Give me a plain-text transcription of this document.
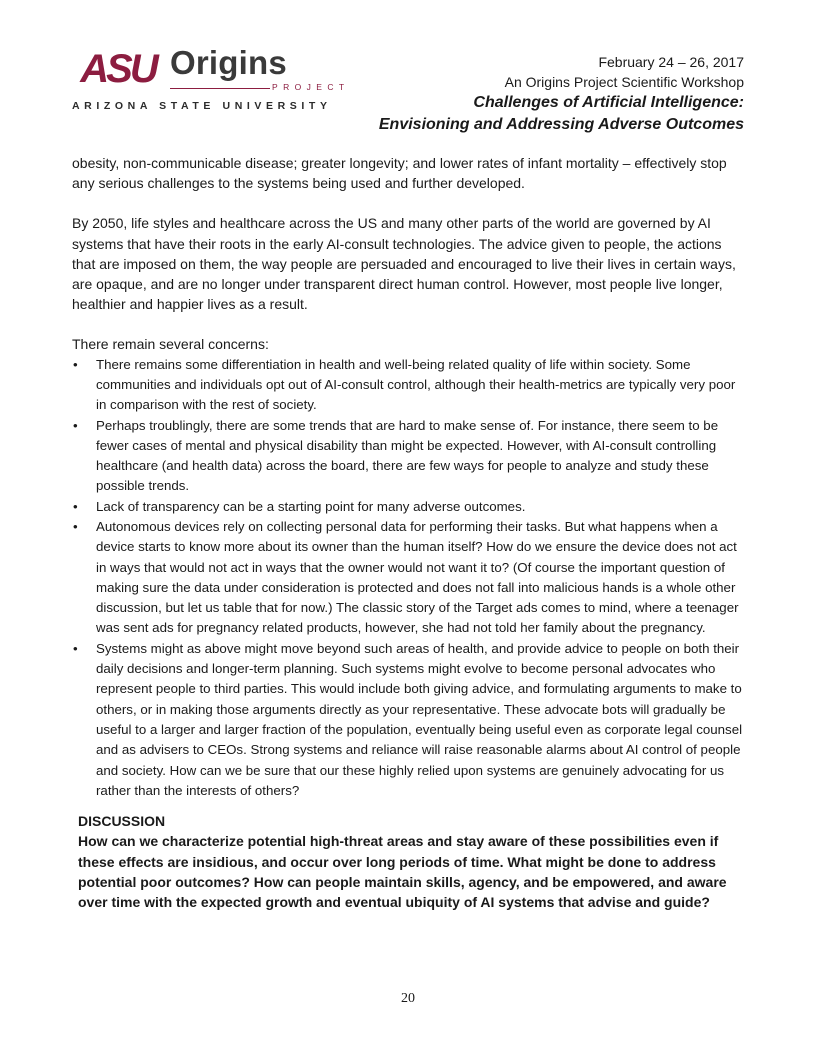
ASU Origins
PROJECT
ARIZONA STATE UNIVERSITY
February 24 – 26, 2017
An Origins Project Scientific Workshop
Challenges of Artificial Intelligence:
Envisioning and Addressing Adverse Outcomes

obesity, non-communicable disease; greater longevity; and lower rates of infant mortality – effectively stop any serious challenges to the systems being used and further developed.

By 2050, life styles and healthcare across the US and many other parts of the world are governed by AI systems that have their roots in the early AI-consult technologies. The advice given to people, the actions that are imposed on them, the way people are persuaded and encouraged to live their lives in certain ways, are opaque, and are no longer under transparent direct human control. However, most people live longer, healthier and happier lives as a result.

There remain several concerns:

• There remains some differentiation in health and well-being related quality of life within society. Some communities and individuals opt out of AI-consult control, although their health-metrics are typically very poor in comparison with the rest of society.
• Perhaps troublingly, there are some trends that are hard to make sense of. For instance, there seem to be fewer cases of mental and physical disability than might be expected. However, with AI-consult controlling healthcare (and health data) across the board, there are few ways for people to analyze and study these possible trends.
• Lack of transparency can be a starting point for many adverse outcomes.
• Autonomous devices rely on collecting personal data for performing their tasks. But what happens when a device starts to know more about its owner than the human itself? How do we ensure the device does not act in ways that would not act in ways that the owner would not want it to? (Of course the important question of making sure the data under consideration is protected and does not fall into malicious hands is a whole other discussion, but let us table that for now.) The classic story of the Target ads comes to mind, where a teenager was sent ads for pregnancy related products, however, she had not told her family about the pregnancy.
• Systems might as above might move beyond such areas of health, and provide advice to people on both their daily decisions and longer-term planning. Such systems might evolve to become personal advocates who represent people to third parties. This would include both giving advice, and formulating arguments to make to others, or in making those arguments directly as your representative. These advocate bots will gradually be useful to a larger and larger fraction of the population, eventually being useful even as corporate legal counsel and as advisers to CEOs. Strong systems and reliance will raise reasonable alarms about AI control of people and society. How can we be sure that our these highly relied upon systems are genuinely advocating for us rather than the interests of others?
DISCUSSION
How can we characterize potential high-threat areas and stay aware of these possibilities even if these effects are insidious, and occur over long periods of time. What might be done to address potential poor outcomes? How can people maintain skills, agency, and be empowered, and aware over time with the expected growth and eventual ubiquity of AI systems that advise and guide?
20
